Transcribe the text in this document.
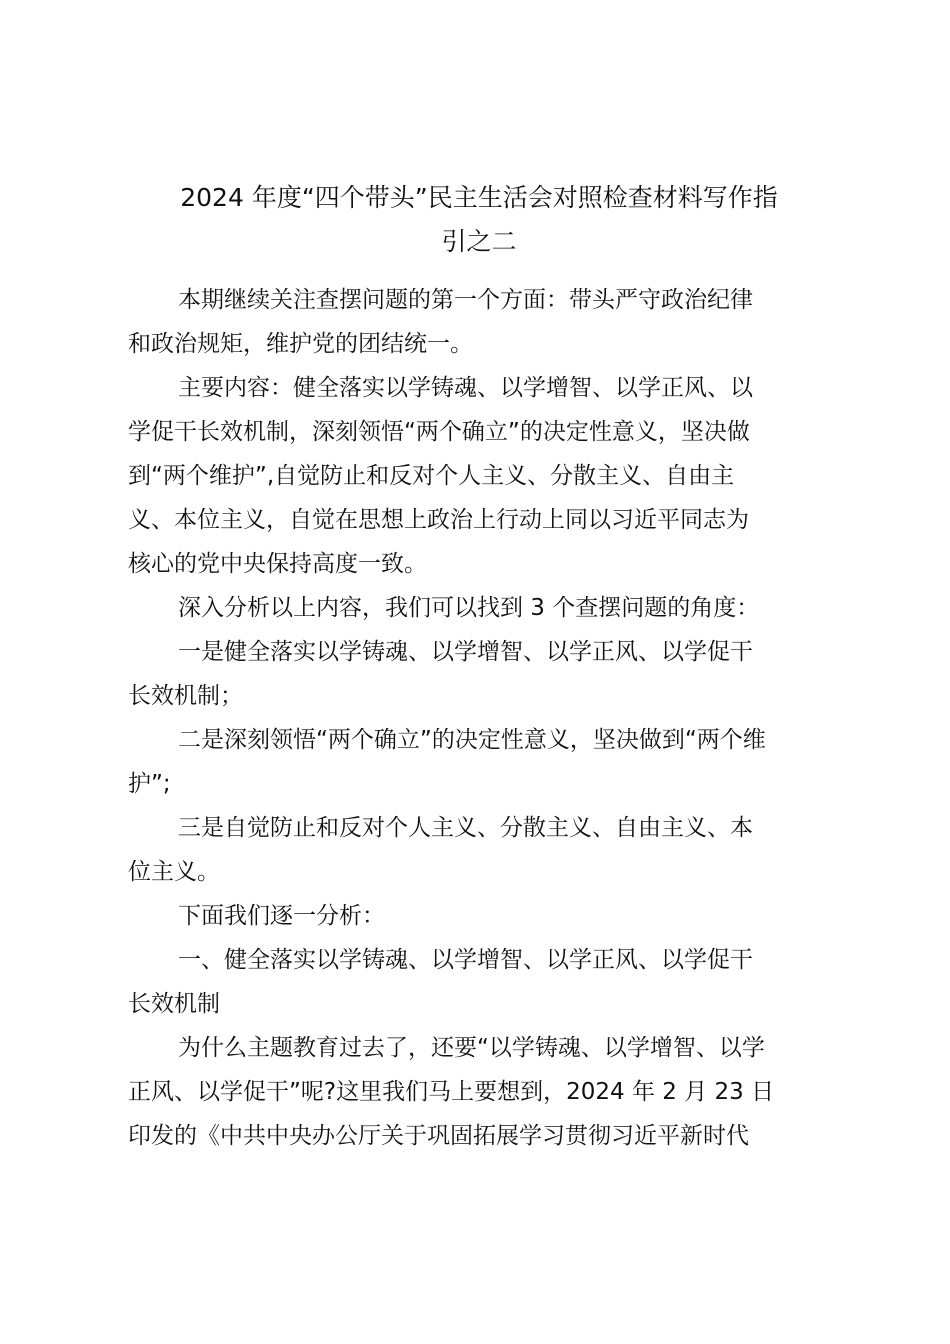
2024 年度“四个带头”民主生活会对照检查材料写作指
引之二
本期继续关注查摆问题的第一个方面：带头严守政治纪律
和政治规矩，维护党的团结统一。
主要内容：健全落实以学铸魂、以学增智、以学正风、以
学促干长效机制，深刻领悟“两个确立”的决定性意义，坚决做
到“两个维护”,自觉防止和反对个人主义、分散主义、自由主
义、本位主义，自觉在思想上政治上行动上同以习近平同志为
核心的党中央保持高度一致。
深入分析以上内容，我们可以找到 3 个查摆问题的角度：
一是健全落实以学铸魂、以学增智、以学正风、以学促干
长效机制；
二是深刻领悟“两个确立”的决定性意义，坚决做到“两个维
护”;
三是自觉防止和反对个人主义、分散主义、自由主义、本
位主义。
下面我们逐一分析：
一、健全落实以学铸魂、以学增智、以学正风、以学促干
长效机制
为什么主题教育过去了，还要“以学铸魂、以学增智、以学
正风、以学促干”呢?这里我们马上要想到，2024 年 2 月 23 日
印发的《中共中央办公厅关于巩固拓展学习贯彻习近平新时代
